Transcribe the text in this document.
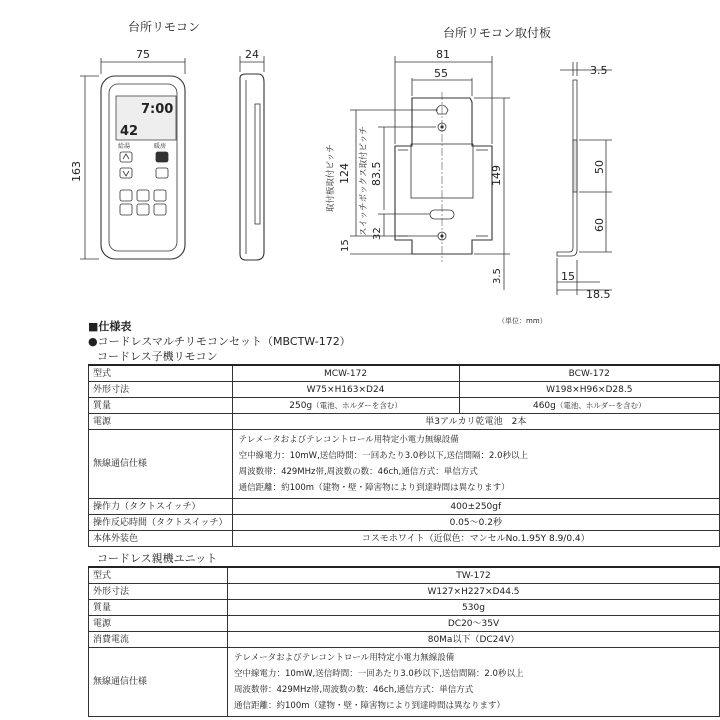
台所リモコン	台所リモコン取付板
7:00
42
給湯	暖房
75	24
163
81
55
149
取付板取付ピッチ 124 スイッチボックス取付ピッチ 83.5
32
15
3.5
3.5
50
60
15
18.5
（単位：mm）
■仕様表
●コードレスマルチリモコンセット（MBCTW-172）
コードレス子機リモコン
型式	MCW-172	BCW-172
外形寸法	W75×H163×D24	W198×H96×D28.5
質量	250g（電池、ホルダーを含む）	460g（電池、ホルダーを含む）
電源	単3アルカリ乾電池　2本	
無線通信仕様	テレメータおよびテレコントロール用特定小電力無線設備
空中線電力：10mW,送信時間：一回あたり3.0秒以下,送信間隔：2.0秒以上
周波数帯：429MHz帯,周波数の数：46ch,通信方式：単信方式
通信距離：約100m（建物・壁・障害物により到達時間は異なります）	

操作力（タクトスイッチ）	400±250gf	
操作反応時間（タクトスイッチ）	0.05～0.2秒	
本体外装色	コスモホワイト（近似色：マンセルNo.1.95Y 8.9/0.4）	
コードレス親機ユニット
型式	TW-172
外形寸法	W127×H227×D44.5
質量	530g
電源	DC20～35V
消費電流	80Ma以下（DC24V）
無線通信仕様	テレメータおよびテレコントロール用特定小電力無線設備
空中線電力：10mW,送信時間：一回あたり3.0秒以下,送信間隔：2.0秒以上
周波数帯：429MHz帯,周波数の数：46ch,通信方式：単信方式
通信距離：約100m（建物・壁・障害物により到達時間は異なります）
